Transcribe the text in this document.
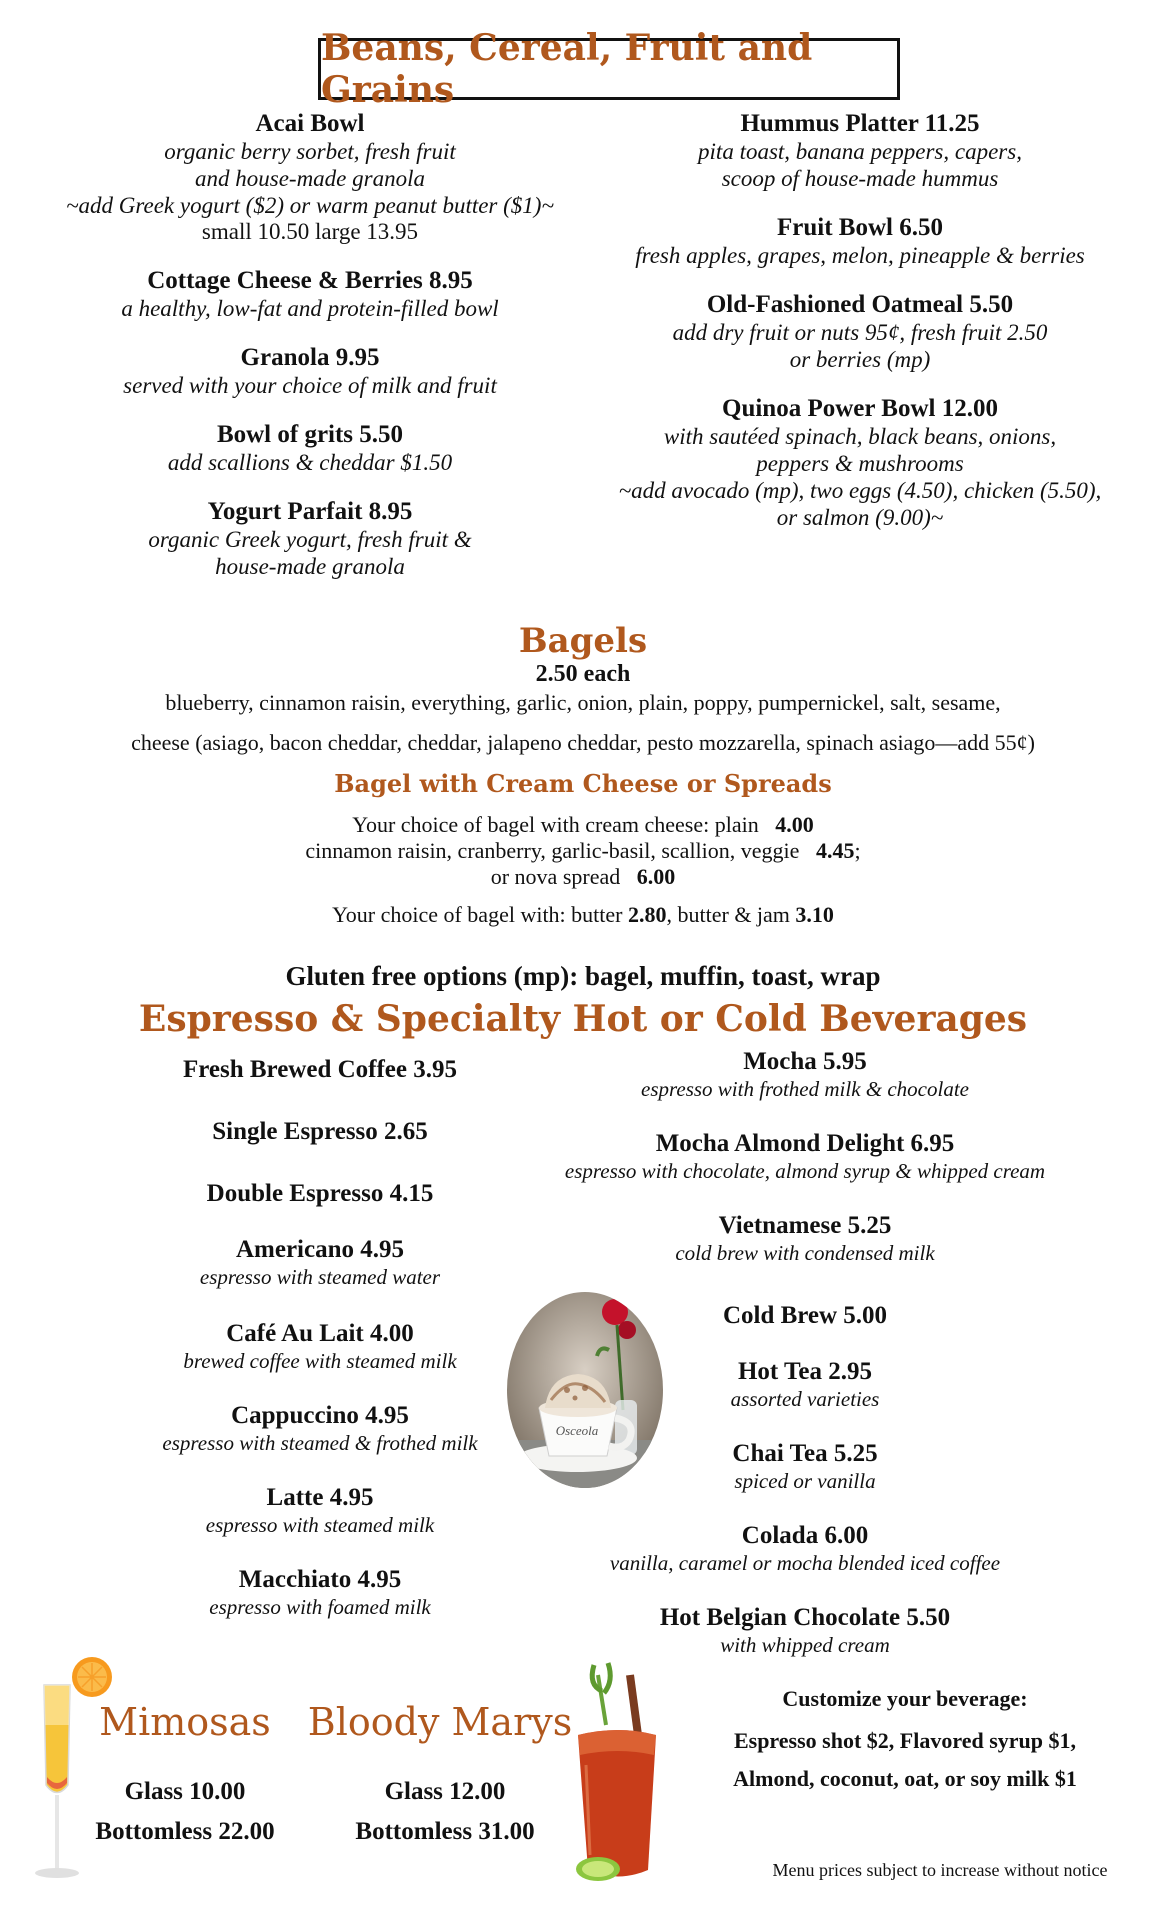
Beans, Cereal, Fruit and Grains
Acai Bowl
organic berry sorbet, fresh fruit
and house-made granola
~add Greek yogurt ($2) or warm peanut butter ($1)~
small 10.50 large 13.95
Cottage Cheese & Berries 8.95
a healthy, low-fat and protein-filled bowl
Granola 9.95
served with your choice of milk and fruit
Bowl of grits 5.50
add scallions & cheddar $1.50
Yogurt Parfait 8.95
organic Greek yogurt, fresh fruit &
house-made granola
Hummus Platter 11.25
pita toast, banana peppers, capers,
scoop of house-made hummus
Fruit Bowl 6.50
fresh apples, grapes, melon, pineapple & berries
Old-Fashioned Oatmeal 5.50
add dry fruit or nuts 95¢, fresh fruit 2.50
or berries (mp)
Quinoa Power Bowl 12.00
with sautéed spinach, black beans, onions,
peppers & mushrooms
~add avocado (mp), two eggs (4.50), chicken (5.50),
or salmon (9.00)~
Bagels
2.50 each
blueberry, cinnamon raisin, everything, garlic, onion, plain, poppy, pumpernickel, salt, sesame,
cheese (asiago, bacon cheddar, cheddar, jalapeno cheddar, pesto mozzarella, spinach asiago—add 55¢)
Bagel with Cream Cheese or Spreads
Your choice of bagel with cream cheese: plain 4.00
cinnamon raisin, cranberry, garlic-basil, scallion, veggie 4.45;
or nova spread 6.00
Your choice of bagel with: butter 2.80, butter & jam 3.10
Gluten free options (mp): bagel, muffin, toast, wrap
Espresso & Specialty Hot or Cold Beverages
Fresh Brewed Coffee 3.95
Single Espresso 2.65
Double Espresso 4.15
Americano 4.95
espresso with steamed water
Café Au Lait 4.00
brewed coffee with steamed milk
Cappuccino 4.95
espresso with steamed & frothed milk
Latte 4.95
espresso with steamed milk
Macchiato 4.95
espresso with foamed milk
Mocha 5.95
espresso with frothed milk & chocolate
Mocha Almond Delight 6.95
espresso with chocolate, almond syrup & whipped cream
Vietnamese 5.25
cold brew with condensed milk
Cold Brew 5.00
Hot Tea 2.95
assorted varieties
Chai Tea 5.25
spiced or vanilla
Colada 6.00
vanilla, caramel or mocha blended iced coffee
Hot Belgian Chocolate 5.50
with whipped cream
Osceola
Mimosas
Glass 10.00
Bottomless 22.00
Bloody Marys
Glass 12.00
Bottomless 31.00
Customize your beverage:
Espresso shot $2, Flavored syrup $1,
Almond, coconut, oat, or soy milk $1
Menu prices subject to increase without notice
